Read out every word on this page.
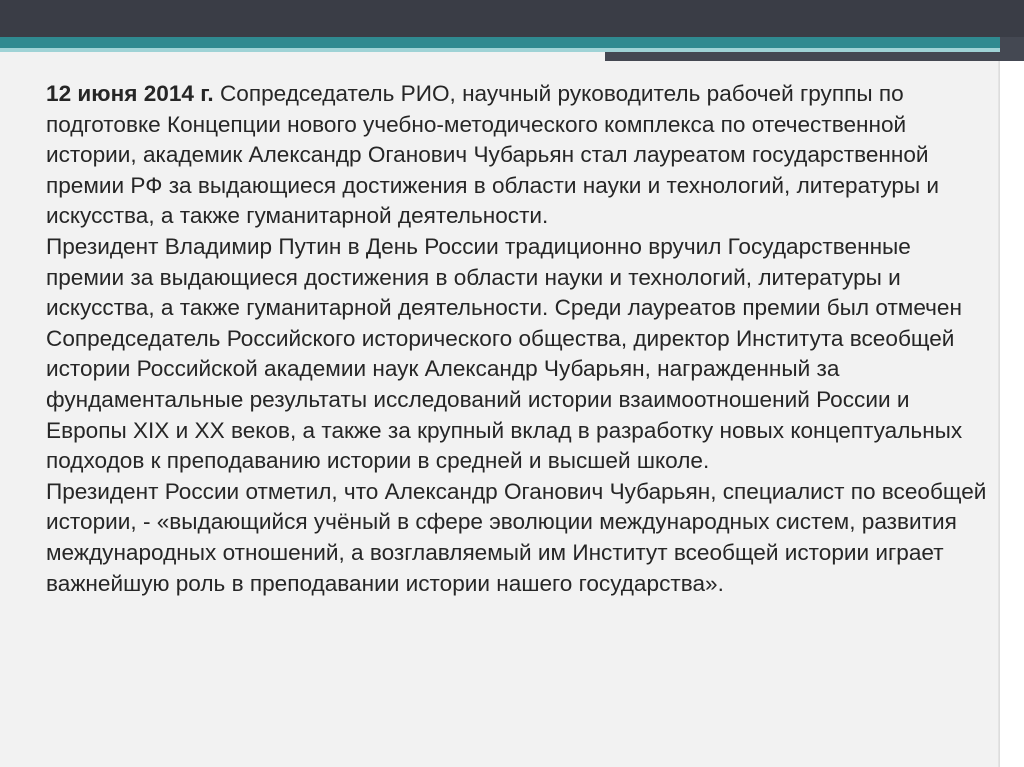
12 июня 2014 г. Сопредседатель РИО, научный руководитель рабочей группы по подготовке Концепции нового учебно-методического комплекса по отечественной истории, академик Александр Оганович Чубарьян стал лауреатом государственной премии РФ за выдающиеся достижения в области науки и технологий, литературы и искусства, а также гуманитарной деятельности.

Президент Владимир Путин в День России традиционно вручил Государственные премии за выдающиеся достижения в области науки и технологий, литературы и искусства, а также гуманитарной деятельности. Среди лауреатов премии был отмечен Сопредседатель Российского исторического общества, директор Института всеобщей истории Российской академии наук Александр Чубарьян, награжденный за фундаментальные результаты исследований истории взаимоотношений России и Европы XIX и XX веков, а также за крупный вклад в разработку новых концептуальных подходов к преподаванию истории в средней и высшей школе.

Президент России отметил, что Александр Оганович Чубарьян, специалист по всеобщей истории, - «выдающийся учёный в сфере эволюции международных систем, развития международных отношений, а возглавляемый им Институт всеобщей истории играет важнейшую роль в преподавании истории нашего государства».
